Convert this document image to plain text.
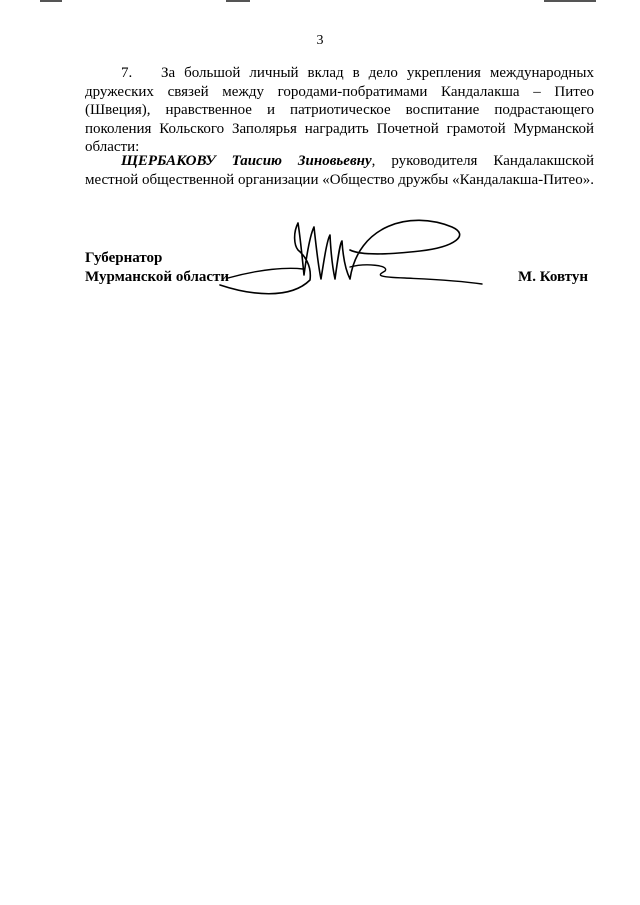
3
7. За большой личный вклад в дело укрепления международных дружеских связей между городами-побратимами Кандалакша – Питео (Швеция), нравственное и патриотическое воспитание подрастающего поколения Кольского Заполярья наградить Почетной грамотой Мурманской области:
ЩЕРБАКОВУ Таисию Зиновьевну, руководителя Кандалакшской местной общественной организации «Общество дружбы «Кандалакша-Питео».
Губернатор
Мурманской области	М. Ковтун
